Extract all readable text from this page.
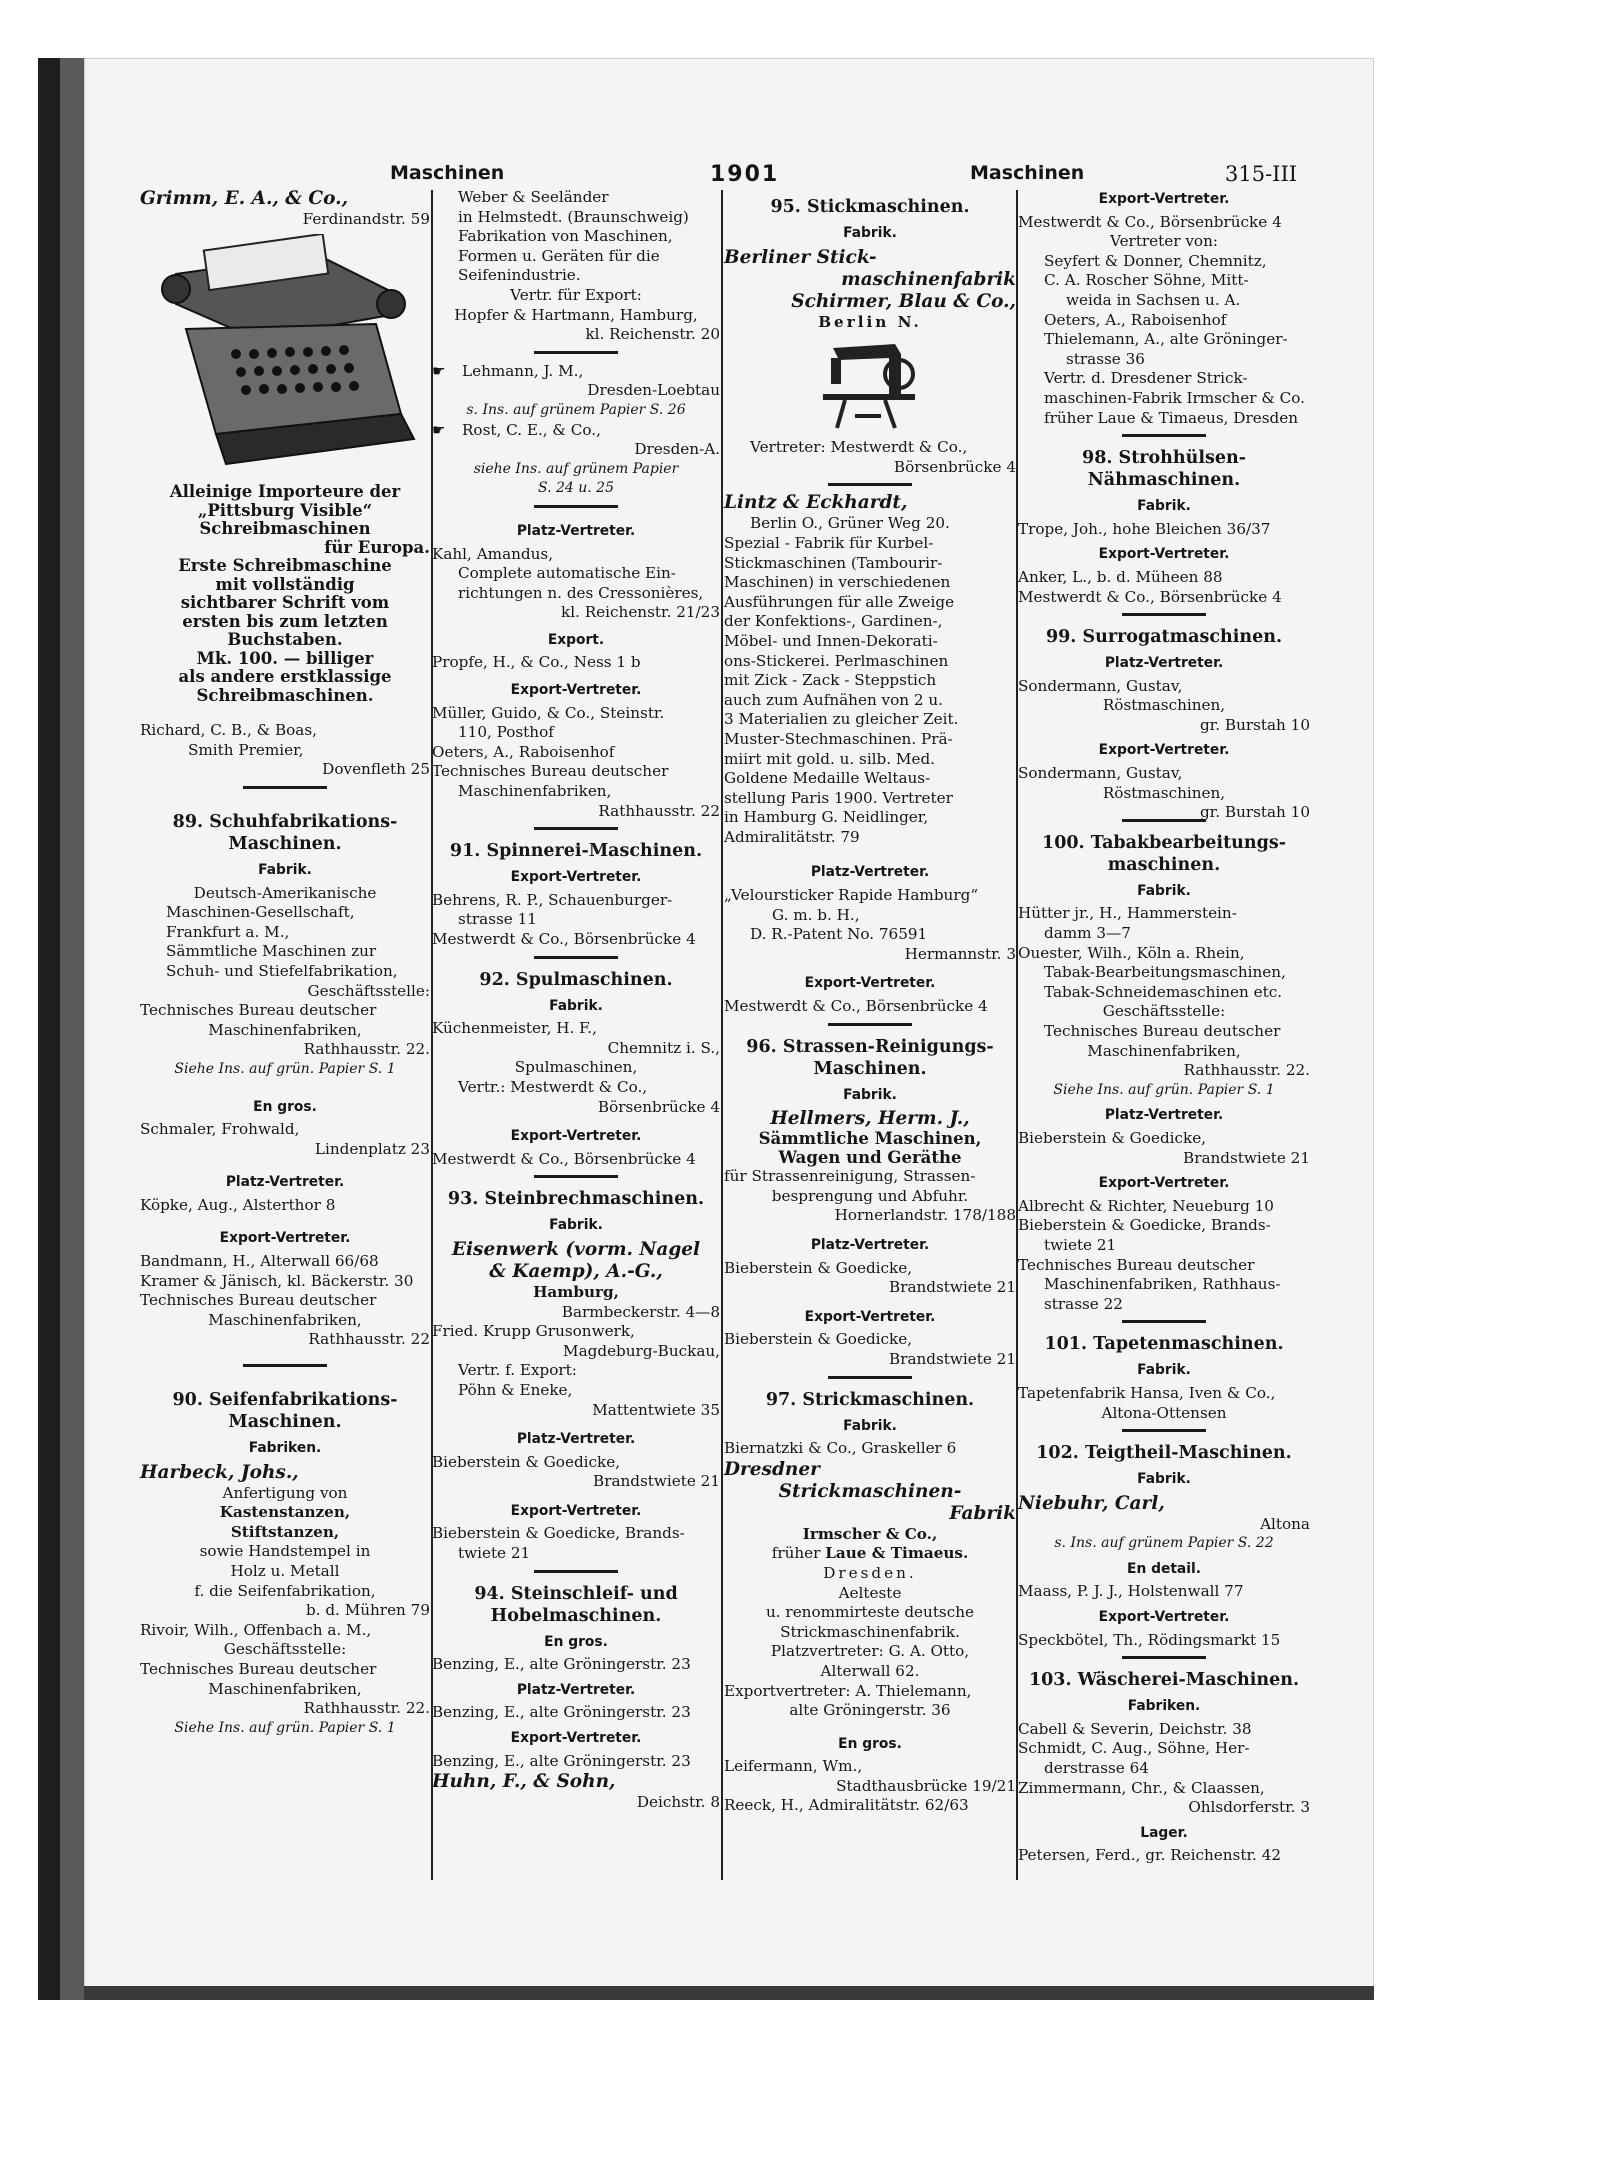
Maschinen	1901	Maschinen	315-III
Grimm, E. A., & Co.,
Ferdinandstr. 59
Alleinige Importeure der
„Pittsburg Visible“
Schreibmaschinen
für Europa.
Erste Schreibmaschine
mit vollständig
sichtbarer Schrift vom
ersten bis zum letzten
Buchstaben.
Mk. 100. — billiger
als andere erstklassige
Schreibmaschinen.
Richard, C. B., & Boas,
Smith Premier,
Dovenfleth 25
89. Schuhfabrikations-Maschinen.
Fabrik.
Deutsch-Amerikanische
Maschinen-Gesellschaft,
Frankfurt a. M.,
Sämmtliche Maschinen zur
Schuh- und Stiefelfabrikation,
Geschäftsstelle:
Technisches Bureau deutscher
Maschinenfabriken,
Rathhausstr. 22.
Siehe Ins. auf grün. Papier S. 1
En gros.
Schmaler, Frohwald,
Lindenplatz 23
Platz-Vertreter.
Köpke, Aug., Alsterthor 8
Export-Vertreter.
Bandmann, H., Alterwall 66/68
Kramer & Jänisch, kl. Bäckerstr. 30
Technisches Bureau deutscher
Maschinenfabriken,
Rathhausstr. 22
90. Seifenfabrikations-Maschinen.
Fabriken.
Harbeck, Johs.,
Anfertigung von
Kastenstanzen,
Stiftstanzen,
sowie Handstempel in
Holz u. Metall
f. die Seifenfabrikation,
b. d. Mühren 79
Rivoir, Wilh., Offenbach a. M.,
Geschäftsstelle:
Technisches Bureau deutscher
Maschinenfabriken,
Rathhausstr. 22.
Siehe Ins. auf grün. Papier S. 1
Weber & Seeländer
in Helmstedt. (Braunschweig)
Fabrikation von Maschinen,
Formen u. Geräten für die
Seifenindustrie.
Vertr. für Export:
Hopfer & Hartmann, Hamburg,
kl. Reichenstr. 20
☛ Lehmann, J. M.,
Dresden-Loebtau
s. Ins. auf grünem Papier S. 26
☛ Rost, C. E., & Co.,
Dresden-A.
siehe Ins. auf grünem Papier
S. 24 u. 25
Platz-Vertreter.
Kahl, Amandus,
Complete automatische Ein-
richtungen n. des Cressonières,
kl. Reichenstr. 21/23
Export.
Propfe, H., & Co., Ness 1 b
Export-Vertreter.
Müller, Guido, & Co., Steinstr.
110, Posthof
Oeters, A., Raboisenhof
Technisches Bureau deutscher
Maschinenfabriken,
Rathhausstr. 22
91. Spinnerei-Maschinen.
Export-Vertreter.
Behrens, R. P., Schauenburger-
strasse 11
Mestwerdt & Co., Börsenbrücke 4
92. Spulmaschinen.
Fabrik.
Küchenmeister, H. F.,
Chemnitz i. S.,
Spulmaschinen,
Vertr.: Mestwerdt & Co.,
Börsenbrücke 4
Export-Vertreter.
Mestwerdt & Co., Börsenbrücke 4
93. Steinbrechmaschinen.
Fabrik.
Eisenwerk (vorm. Nagel
& Kaemp), A.-G.,
Hamburg,
Barmbeckerstr. 4—8
Fried. Krupp Grusonwerk,
Magdeburg-Buckau,
Vertr. f. Export:
Pöhn & Eneke,
Mattentwiete 35
Platz-Vertreter.
Bieberstein & Goedicke,
Brandstwiete 21
Export-Vertreter.
Bieberstein & Goedicke, Brands-
twiete 21
94. Steinschleif- und Hobelmaschinen.
En gros.
Benzing, E., alte Gröningerstr. 23
Platz-Vertreter.
Benzing, E., alte Gröningerstr. 23
Export-Vertreter.
Benzing, E., alte Gröningerstr. 23
Huhn, F., & Sohn,
Deichstr. 8
95. Stickmaschinen.
Fabrik.
Berliner Stick-
maschinenfabrik
Schirmer, Blau & Co.,
Berlin N.
Vertreter: Mestwerdt & Co.,
Börsenbrücke 4
Lintz & Eckhardt,
Berlin O., Grüner Weg 20.
Spezial - Fabrik für Kurbel-
Stickmaschinen (Tambourir-
Maschinen) in verschiedenen
Ausführungen für alle Zweige
der Konfektions-, Gardinen-,
Möbel- und Innen-Dekorati-
ons-Stickerei. Perlmaschinen
mit Zick - Zack - Steppstich
auch zum Aufnähen von 2 u.
3 Materialien zu gleicher Zeit.
Muster-Stechmaschinen. Prä-
miirt mit gold. u. silb. Med.
Goldene Medaille Weltaus-
stellung Paris 1900. Vertreter
in Hamburg G. Neidlinger,
Admiralitätstr. 79
Platz-Vertreter.
„Veloursticker Rapide Hamburg“
G. m. b. H.,
D. R.-Patent No. 76591
Hermannstr. 3
Export-Vertreter.
Mestwerdt & Co., Börsenbrücke 4
96. Strassen-Reinigungs-Maschinen.
Fabrik.
Hellmers, Herm. J.,
Sämmtliche Maschinen,
Wagen und Geräthe
für Strassenreinigung, Strassen-
besprengung und Abfuhr.
Hornerlandstr. 178/188
Platz-Vertreter.
Bieberstein & Goedicke,
Brandstwiete 21
Export-Vertreter.
Bieberstein & Goedicke,
Brandstwiete 21
97. Strickmaschinen.
Fabrik.
Biernatzki & Co., Graskeller 6
Dresdner
Strickmaschinen-
Fabrik
Irmscher & Co.,
früher Laue & Timaeus.
Dresden.
Aelteste
u. renommirteste deutsche
Strickmaschinenfabrik.
Platzvertreter: G. A. Otto,
Alterwall 62.
Exportvertreter: A. Thielemann,
alte Gröningerstr. 36
En gros.
Leifermann, Wm.,
Stadthausbrücke 19/21
Reeck, H., Admiralitätstr. 62/63
Export-Vertreter.
Mestwerdt & Co., Börsenbrücke 4
Vertreter von:
Seyfert & Donner, Chemnitz,
C. A. Roscher Söhne, Mitt-
weida in Sachsen u. A.
Oeters, A., Raboisenhof
Thielemann, A., alte Gröninger-
strasse 36
Vertr. d. Dresdener Strick-
maschinen-Fabrik Irmscher & Co.
früher Laue & Timaeus, Dresden
98. Strohhülsen-Nähmaschinen.
Fabrik.
Trope, Joh., hohe Bleichen 36/37
Export-Vertreter.
Anker, L., b. d. Müheen 88
Mestwerdt & Co., Börsenbrücke 4
99. Surrogatmaschinen.
Platz-Vertreter.
Sondermann, Gustav,
Röstmaschinen,
gr. Burstah 10
Export-Vertreter.
Sondermann, Gustav,
Röstmaschinen,
gr. Burstah 10
100. Tabakbearbeitungs-maschinen.
Fabrik.
Hütter jr., H., Hammerstein-
damm 3—7
Ouester, Wilh., Köln a. Rhein,
Tabak-Bearbeitungsmaschinen,
Tabak-Schneidemaschinen etc.
Geschäftsstelle:
Technisches Bureau deutscher
Maschinenfabriken,
Rathhausstr. 22.
Siehe Ins. auf grün. Papier S. 1
Platz-Vertreter.
Bieberstein & Goedicke,
Brandstwiete 21
Export-Vertreter.
Albrecht & Richter, Neueburg 10
Bieberstein & Goedicke, Brands-
twiete 21
Technisches Bureau deutscher
Maschinenfabriken, Rathhaus-
strasse 22
101. Tapetenmaschinen.
Fabrik.
Tapetenfabrik Hansa, Iven & Co.,
Altona-Ottensen
102. Teigtheil-Maschinen.
Fabrik.
Niebuhr, Carl,
Altona
s. Ins. auf grünem Papier S. 22
En detail.
Maass, P. J. J., Holstenwall 77
Export-Vertreter.
Speckbötel, Th., Rödingsmarkt 15
103. Wäscherei-Maschinen.
Fabriken.
Cabell & Severin, Deichstr. 38
Schmidt, C. Aug., Söhne, Her-
derstrasse 64
Zimmermann, Chr., & Claassen,
Ohlsdorferstr. 3
Lager.
Petersen, Ferd., gr. Reichenstr. 42
